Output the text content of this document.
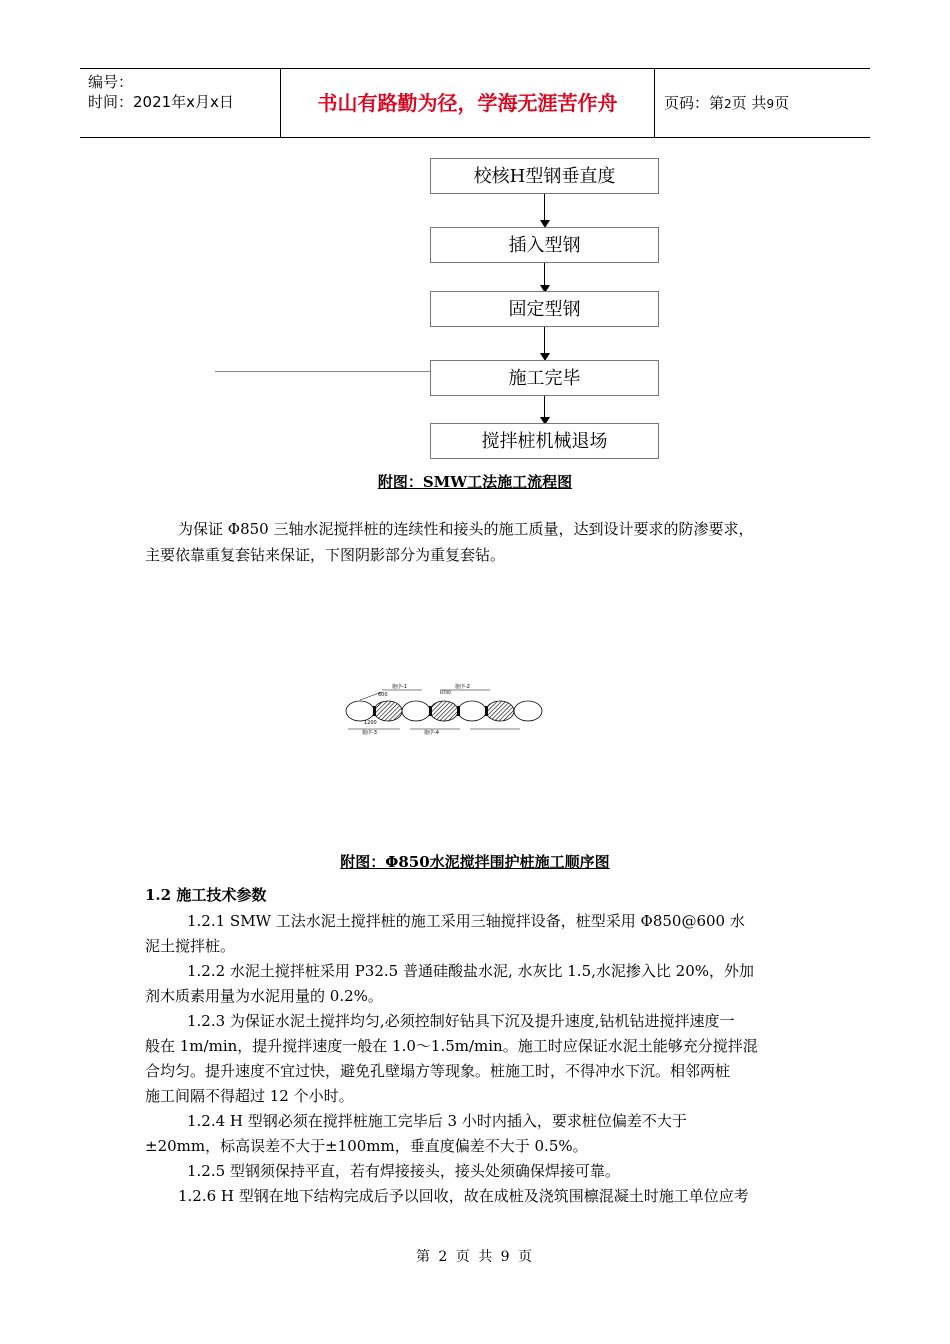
编号：
时间：2021年x月x日	书山有路勤为径，学海无涯苦作舟	页码：第2页 共9页
校核H型钢垂直度
插入型钢
固定型钢
施工完毕
搅拌桩机械退场
附图：SMW工法施工流程图
为保证 Φ850 三轴水泥搅拌桩的连续性和接头的施工质量，达到设计要求的防渗要求，
主要依靠重复套钻来保证，下图阴影部分为重复套钻。
施序-1	施序-2
施序-3	施序-4
1200
600	H700
附图：Φ850水泥搅拌围护桩施工顺序图
1.2 施工技术参数
1.2.1 SMW 工法水泥土搅拌桩的施工采用三轴搅拌设备，桩型采用 Φ850@600 水
泥土搅拌桩。
1.2.2 水泥土搅拌桩采用 P32.5 普通硅酸盐水泥, 水灰比 1.5,水泥掺入比 20%，外加
剂木质素用量为水泥用量的 0.2%。
1.2.3 为保证水泥土搅拌均匀,必须控制好钻具下沉及提升速度,钻机钻进搅拌速度一
般在 1m/min，提升搅拌速度一般在 1.0～1.5m/min。施工时应保证水泥土能够充分搅拌混
合均匀。提升速度不宜过快，避免孔壁塌方等现象。桩施工时，不得冲水下沉。相邻两桩
施工间隔不得超过 12 个小时。
1.2.4 H 型钢必须在搅拌桩施工完毕后 3 小时内插入，要求桩位偏差不大于
±20mm，标高误差不大于±100mm，垂直度偏差不大于 0.5%。
1.2.5 型钢须保持平直，若有焊接接头，接头处须确保焊接可靠。
1.2.6 H 型钢在地下结构完成后予以回收，故在成桩及浇筑围檩混凝土时施工单位应考
第 2 页 共 9 页
